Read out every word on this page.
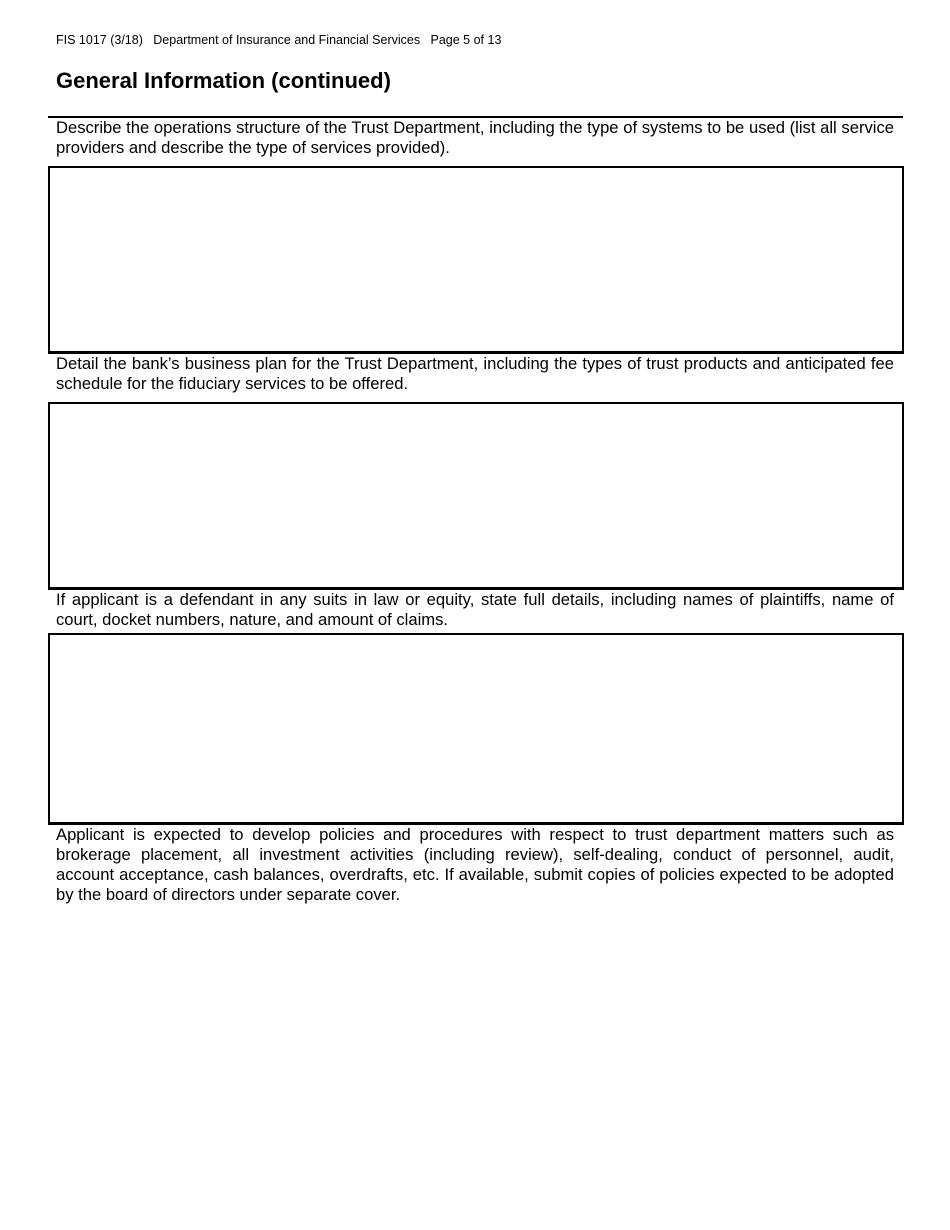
FIS 1017 (3/18) Department of Insurance and Financial Services Page 5 of 13
General Information (continued)
Describe the operations structure of the Trust Department, including the type of systems to be used (list all service providers and describe the type of services provided).
Detail the bank’s business plan for the Trust Department, including the types of trust products and anticipated fee schedule for the fiduciary services to be offered.
If applicant is a defendant in any suits in law or equity, state full details, including names of plaintiffs, name of court, docket numbers, nature, and amount of claims.
Applicant is expected to develop policies and procedures with respect to trust department matters such as brokerage placement, all investment activities (including review), self-dealing, conduct of personnel, audit, account acceptance, cash balances, overdrafts, etc. If available, submit copies of policies expected to be adopted by the board of directors under separate cover.
